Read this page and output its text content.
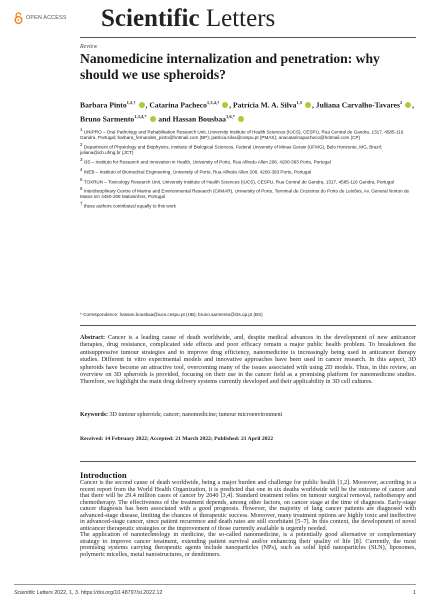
OPEN ACCESS Scientific Letters
Review
Nanomedicine internalization and penetration: why should we use spheroids?
Barbara Pinto$^{1,2,\dagger}$ , Catarina Pacheco$^{1,3,4,\dagger}$ , Patrícia M. A. Silva$^{1,5}$ , Juliana Carvalho-Tavares$^2$ , Bruno Sarmento$^{1,3,4,*}$ and Hassan Bousbaa$^{1,6,*}$
$^1$ UNIPRO – Oral Pathology and Rehabilitation Research Unit, University Institute of Health Sciences (IUCS), CESPU, Rua Central de Gandra, 1317, 4585-116 Gandra, Portugal; barbara_fernandes_pinto@hotmail.com (BP); patricia.silva@cespu.pt (PMAS); anacatarinapacheco@hotmail.com (CP)
$^2$ Department of Physiology and Biophysics, Institute of Biological Sciences, Federal University of Minas Gerais (UFMG), Belo Horizonte, MG, Brazil; juliana@icb.ufmg.br (JCT)
$^3$ i3S – Instituto for Research and Innovation in Health, University of Porto, Rua Alfredo Allen 208, 4200-393 Porto, Portugal
$^4$ INEB – Instituto of Biomedical Engineering, University of Porto, Rua Alfredo Allen 208, 4200-393 Porto, Portugal
$^5$ TOXRUN – Toxicology Research Unit, University Institute of Health Sciences (IUCS), CESPU, Rua Central de Gandra, 1317, 4585-116 Gandra, Portugal
$^6$ Interdisciplinary Centre of Marine and Environmental Research (CIIMAR), University of Porto, Terminal de Cruzeiros do Porto de Leixões, Av. General Norton de Matos s/n 4450-208 Matosinhos, Portugal
† these authors contributed equally to this work
* Correspondence: hassan.bousbaa@iucs.cespu.pt (HB); bruno.sarmento@i3s.up.pt (BS)
Abstract: Cancer is a leading cause of death worldwide, and, despite medical advances in the development of new anticancer therapies, drug resistance, complicated side effects and poor efficacy remain a major public health problem. To breakdown the antisuppressive tumour strategies and to improve drug efficiency, nanomedicine is increasingly being used in anticancer therapy studies. Different in vitro experimental models and innovative approaches have been used in cancer research. In this aspect, 3D spheroids have become an attractive tool, overcoming many of the issues associated with using 2D models. Thus, in this review, an overview on 3D spheroids is provided, focusing on their use in the cancer field as a promising platform for nanomedicine studies. Therefore, we highlight the main drug delivery systems currently developed and their applicability in 3D cell cultures.
Keywords: 3D tumour spheroids; cancer; nanomedicine; tumour microenvironment
Received: 14 February 2022; Accepted: 21 March 2022; Published: 21 April 2022
Introduction

Cancer is the second cause of death worldwide, being a major burden and challenge for public health [1,2]. Moreover, according to a recent report from the World Health Organization, it is predicted that one in six deaths worldwide will be the outcome of cancer and that there will be 29.4 million cases of cancer by 2040 [3,4]. Standard treatment relies on tumour surgical removal, radiotherapy and chemotherapy. The effectiveness of the treatment depends, among other factors, on cancer stage at the time of diagnosis. Early-stage cancer diagnosis has been associated with a good prognosis. However, the majority of lung cancer patients are diagnosed with advanced-stage disease, limiting the chances of therapeutic success. Moreover, many treatment options are highly toxic and ineffective in advanced-stage cancer, since patient recurrence and death rates are still exorbitant [5–7]. In this context, the development of novel anticancer therapeutic strategies or the improvement of those currently available is urgently needed.

The application of nanotechnology in medicine, the so-called nanomedicine, is a potentially good alternative or complementary strategy to improve cancer treatment, extending patient survival and/or enhancing their quality of life [8]. Currently, the most promising systems carrying therapeutic agents include nanoparticles (NPs), such as solid lipid nanoparticles (SLN), liposomes, polymeric micelles, metal nanostructures, or dendrimers.

Scientific Letters 2022, 1, 3. https://doi.org/10.48797/sl.2022.12	1
